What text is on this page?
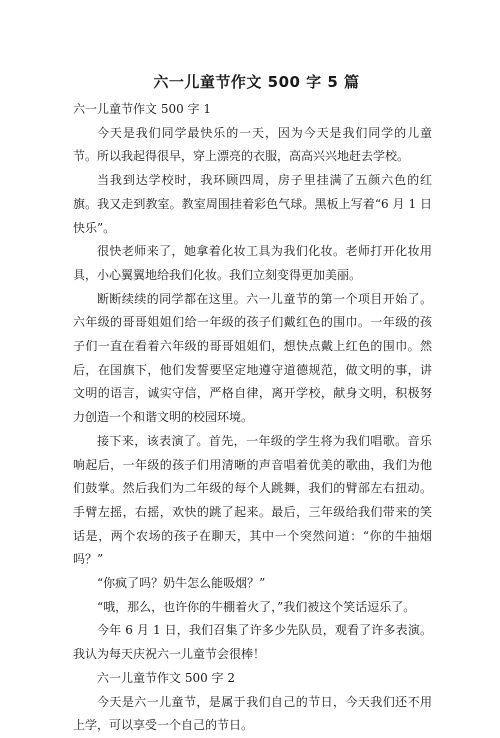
六一儿童节作文 500 字 5 篇

六一儿童节作文 500 字 1

今天是我们同学最快乐的一天，因为今天是我们同学的儿童节。所以我起得很早，穿上漂亮的衣服，高高兴兴地赶去学校。

当我到达学校时，我环顾四周，房子里挂满了五颜六色的红旗。我又走到教室。教室周围挂着彩色气球。黑板上写着“6 月 1 日快乐”。

很快老师来了，她拿着化妆工具为我们化妆。老师打开化妆用具，小心翼翼地给我们化妆。我们立刻变得更加美丽。

断断续续的同学都在这里。六一儿童节的第一个项目开始了。六年级的哥哥姐姐们给一年级的孩子们戴红色的围巾。一年级的孩子们一直在看着六年级的哥哥姐姐们，想快点戴上红色的围巾。然后，在国旗下，他们发誓要坚定地遵守道德规范，做文明的事，讲文明的语言，诚实守信，严格自律，离开学校，献身文明，积极努力创造一个和谐文明的校园环境。

接下来，该表演了。首先，一年级的学生将为我们唱歌。音乐响起后，一年级的孩子们用清晰的声音唱着优美的歌曲，我们为他们鼓掌。然后我们为二年级的每个人跳舞，我们的臂部左右扭动。手臂左摇，右摇，欢快的跳了起来。最后，三年级给我们带来的笑话是，两个农场的孩子在聊天，其中一个突然问道：“你的牛抽烟吗？”

“你疯了吗？奶牛怎么能吸烟？”

“哦，那么，也许你的牛棚着火了，”我们被这个笑话逗乐了。

今年 6 月 1 日，我们召集了许多少先队员，观看了许多表演。我认为每天庆祝六一儿童节会很棒！

六一儿童节作文 500 字 2

今天是六一儿童节，是属于我们自己的节日，今天我们还不用上学，可以享受一个自己的节日。
